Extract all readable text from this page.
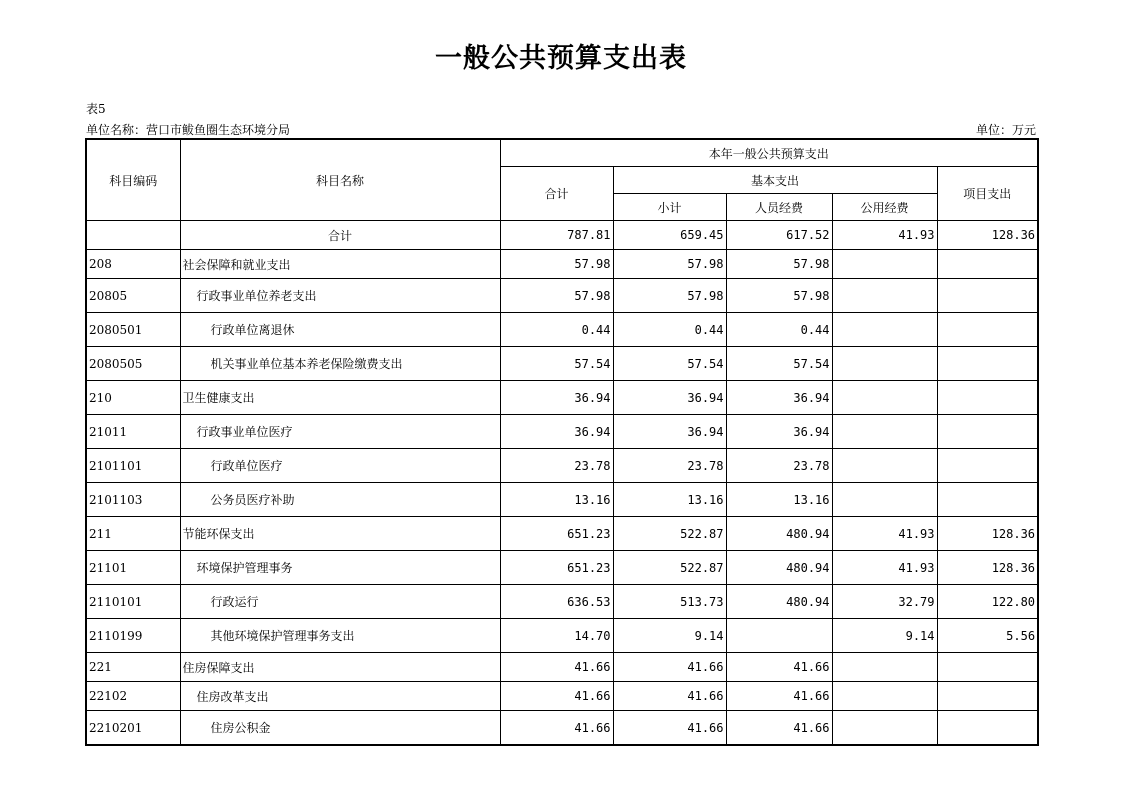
一般公共预算支出表
表5
单位名称：营口市鲅鱼圈生态环境分局	单位：万元
科目编码	科目名称	本年一般公共预算支出				
		合计	基本支出			项目支出
			小计	人员经费	公用经费	
	合计	787.81	659.45	617.52	41.93	128.36
208	社会保障和就业支出	57.98	57.98	57.98		
20805	行政事业单位养老支出	57.98	57.98	57.98		
2080501	行政单位离退休	0.44	0.44	0.44		
2080505	机关事业单位基本养老保险缴费支出	57.54	57.54	57.54		
210	卫生健康支出	36.94	36.94	36.94		
21011	行政事业单位医疗	36.94	36.94	36.94		
2101101	行政单位医疗	23.78	23.78	23.78		
2101103	公务员医疗补助	13.16	13.16	13.16		
211	节能环保支出	651.23	522.87	480.94	41.93	128.36
21101	环境保护管理事务	651.23	522.87	480.94	41.93	128.36
2110101	行政运行	636.53	513.73	480.94	32.79	122.80
2110199	其他环境保护管理事务支出	14.70	9.14		9.14	5.56
221	住房保障支出	41.66	41.66	41.66		
22102	住房改革支出	41.66	41.66	41.66		
2210201	住房公积金	41.66	41.66	41.66		
